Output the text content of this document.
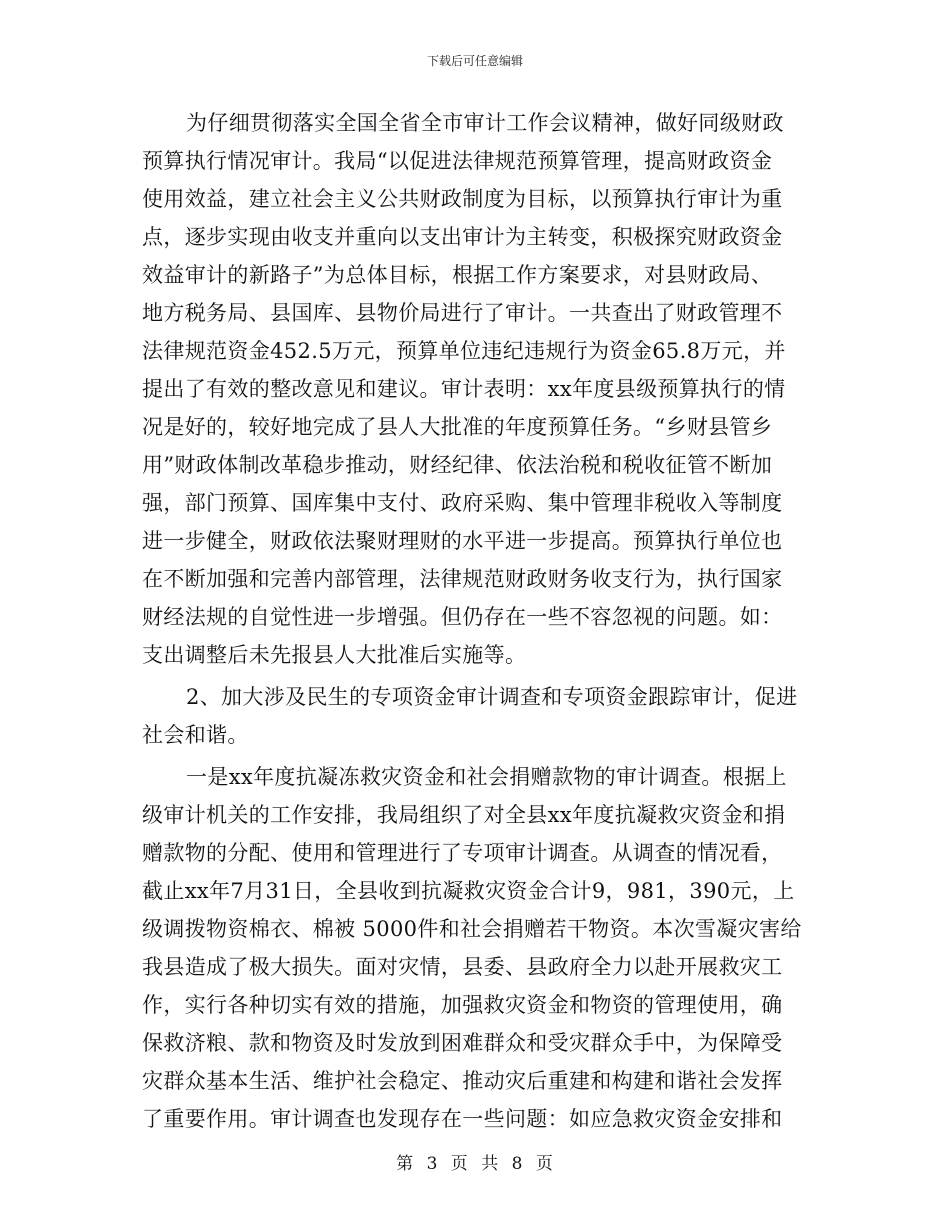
下载后可任意编辑
为仔细贯彻落实全国全省全市审计工作会议精神，做好同级财政
预算执行情况审计。我局“以促进法律规范预算管理，提高财政资金
使用效益，建立社会主义公共财政制度为目标，以预算执行审计为重
点，逐步实现由收支并重向以支出审计为主转变，积极探究财政资金
效益审计的新路子”为总体目标，根据工作方案要求，对县财政局、
地方税务局、县国库、县物价局进行了审计。一共查出了财政管理不
法律规范资金452.5万元，预算单位违纪违规行为资金65.8万元，并
提出了有效的整改意见和建议。审计表明：xx年度县级预算执行的情
况是好的，较好地完成了县人大批准的年度预算任务。“乡财县管乡
用”财政体制改革稳步推动，财经纪律、依法治税和税收征管不断加
强，部门预算、国库集中支付、政府采购、集中管理非税收入等制度
进一步健全，财政依法聚财理财的水平进一步提高。预算执行单位也
在不断加强和完善内部管理，法律规范财政财务收支行为，执行国家
财经法规的自觉性进一步增强。但仍存在一些不容忽视的问题。如：
支出调整后未先报县人大批准后实施等。
2、加大涉及民生的专项资金审计调查和专项资金跟踪审计，促进
社会和谐。
一是xx年度抗凝冻救灾资金和社会捐赠款物的审计调查。根据上
级审计机关的工作安排，我局组织了对全县xx年度抗凝救灾资金和捐
赠款物的分配、使用和管理进行了专项审计调查。从调查的情况看，
截止xx年7月31日，全县收到抗凝救灾资金合计9，981，390元，上
级调拨物资棉衣、棉被 5000件和社会捐赠若干物资。本次雪凝灾害给
我县造成了极大损失。面对灾情，县委、县政府全力以赴开展救灾工
作，实行各种切实有效的措施，加强救灾资金和物资的管理使用，确
保救济粮、款和物资及时发放到困难群众和受灾群众手中，为保障受
灾群众基本生活、维护社会稳定、推动灾后重建和构建和谐社会发挥
了重要作用。审计调查也发现存在一些问题：如应急救灾资金安排和
第 3 页 共 8 页
